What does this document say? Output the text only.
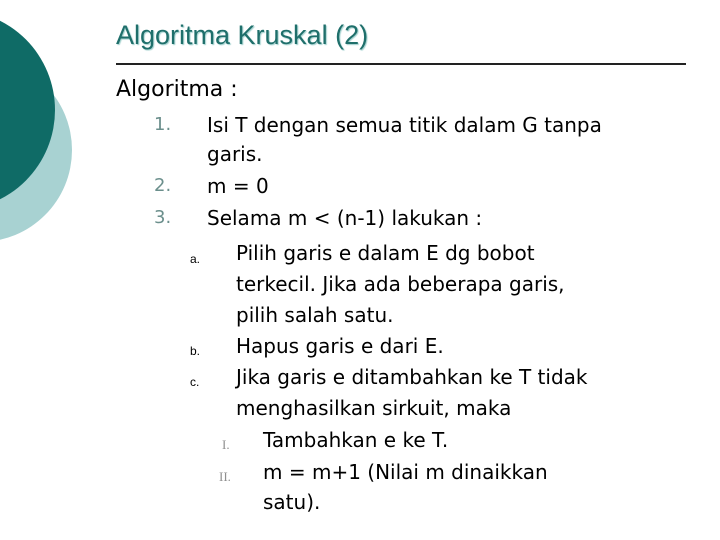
Algoritma Kruskal (2)
Algoritma :
1. Isi T dengan semua titik dalam G tanpa
garis.
2. m = 0
3. Selama m < (n-1) lakukan :
a. Pilih garis e dalam E dg bobot
terkecil. Jika ada beberapa garis,
pilih salah satu.
b. Hapus garis e dari E.
c. Jika garis e ditambahkan ke T tidak
menghasilkan sirkuit, maka
I. Tambahkan e ke T.
II. m = m+1 (Nilai m dinaikkan
satu).
